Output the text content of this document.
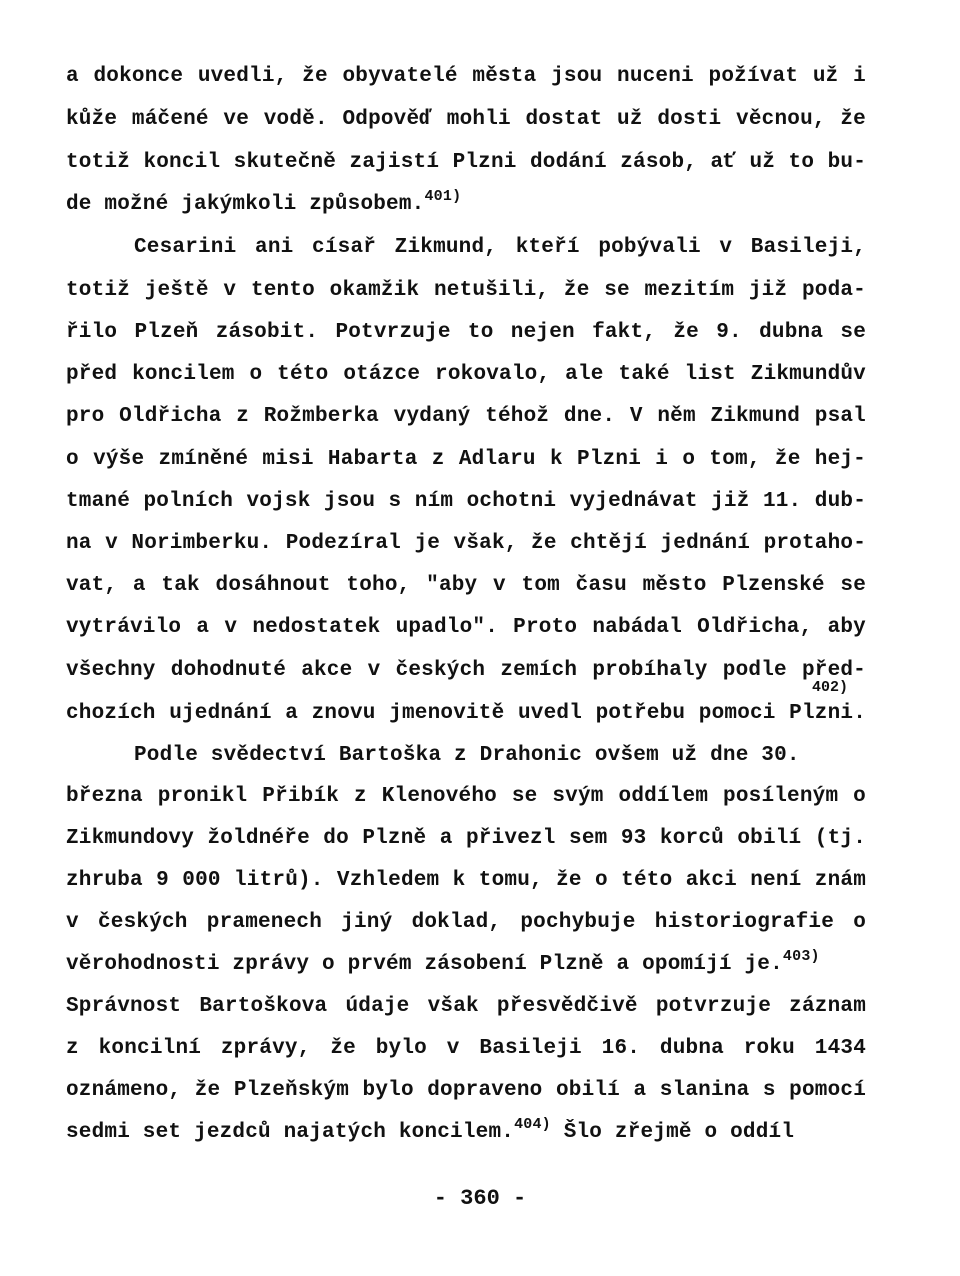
a dokonce uvedli, že obyvatelé města jsou nuceni požívat už i
kůže máčené ve vodě. Odpověď mohli dostat už dosti věcnou, že
totiž koncil skutečně zajistí Plzni dodání zásob, ať už to bu-
de možné jakýmkoli způsobem.$^{401)}$
Cesarini ani císař Zikmund, kteří pobývali v Basileji,
totiž ještě v tento okamžik netušili, že se mezitím již poda-
řilo Plzeň zásobit. Potvrzuje to nejen fakt, že 9. dubna se
před koncilem o této otázce rokovalo, ale také list Zikmundův
pro Oldřicha z Rožmberka vydaný téhož dne. V něm Zikmund psal
o výše zmíněné misi Habarta z Adlaru k Plzni i o tom, že hej-
tmané polních vojsk jsou s ním ochotni vyjednávat již 11. dub-
na v Norimberku. Podezíral je však, že chtějí jednání protaho-
vat, a tak dosáhnout toho, "aby v tom času město Plzenské se
vytrávilo a v nedostatek upadlo". Proto nabádal Oldřicha, aby
všechny dohodnuté akce v českých zemích probíhaly podle před-
402)
chozích ujednání a znovu jmenovitě uvedl potřebu pomoci Plzni.
Podle svědectví Bartoška z Drahonic ovšem už dne 30.
března pronikl Přibík z Klenového se svým oddílem posíleným o
Zikmundovy žoldnéře do Plzně a přivezl sem 93 korců obilí (tj.
zhruba 9 000 litrů). Vzhledem k tomu, že o této akci není znám
v českých pramenech jiný doklad, pochybuje historiografie o
věrohodnosti zprávy o prvém zásobení Plzně a opomíjí je.$^{403)}$
Správnost Bartoškova údaje však přesvědčivě potvrzuje záznam
z koncilní zprávy, že bylo v Basileji 16. dubna roku 1434
oznámeno, že Plzeňským bylo dopraveno obilí a slanina s pomocí
sedmi set jezdců najatých koncilem.$^{404)}$ Šlo zřejmě o oddíl
- 360 -
